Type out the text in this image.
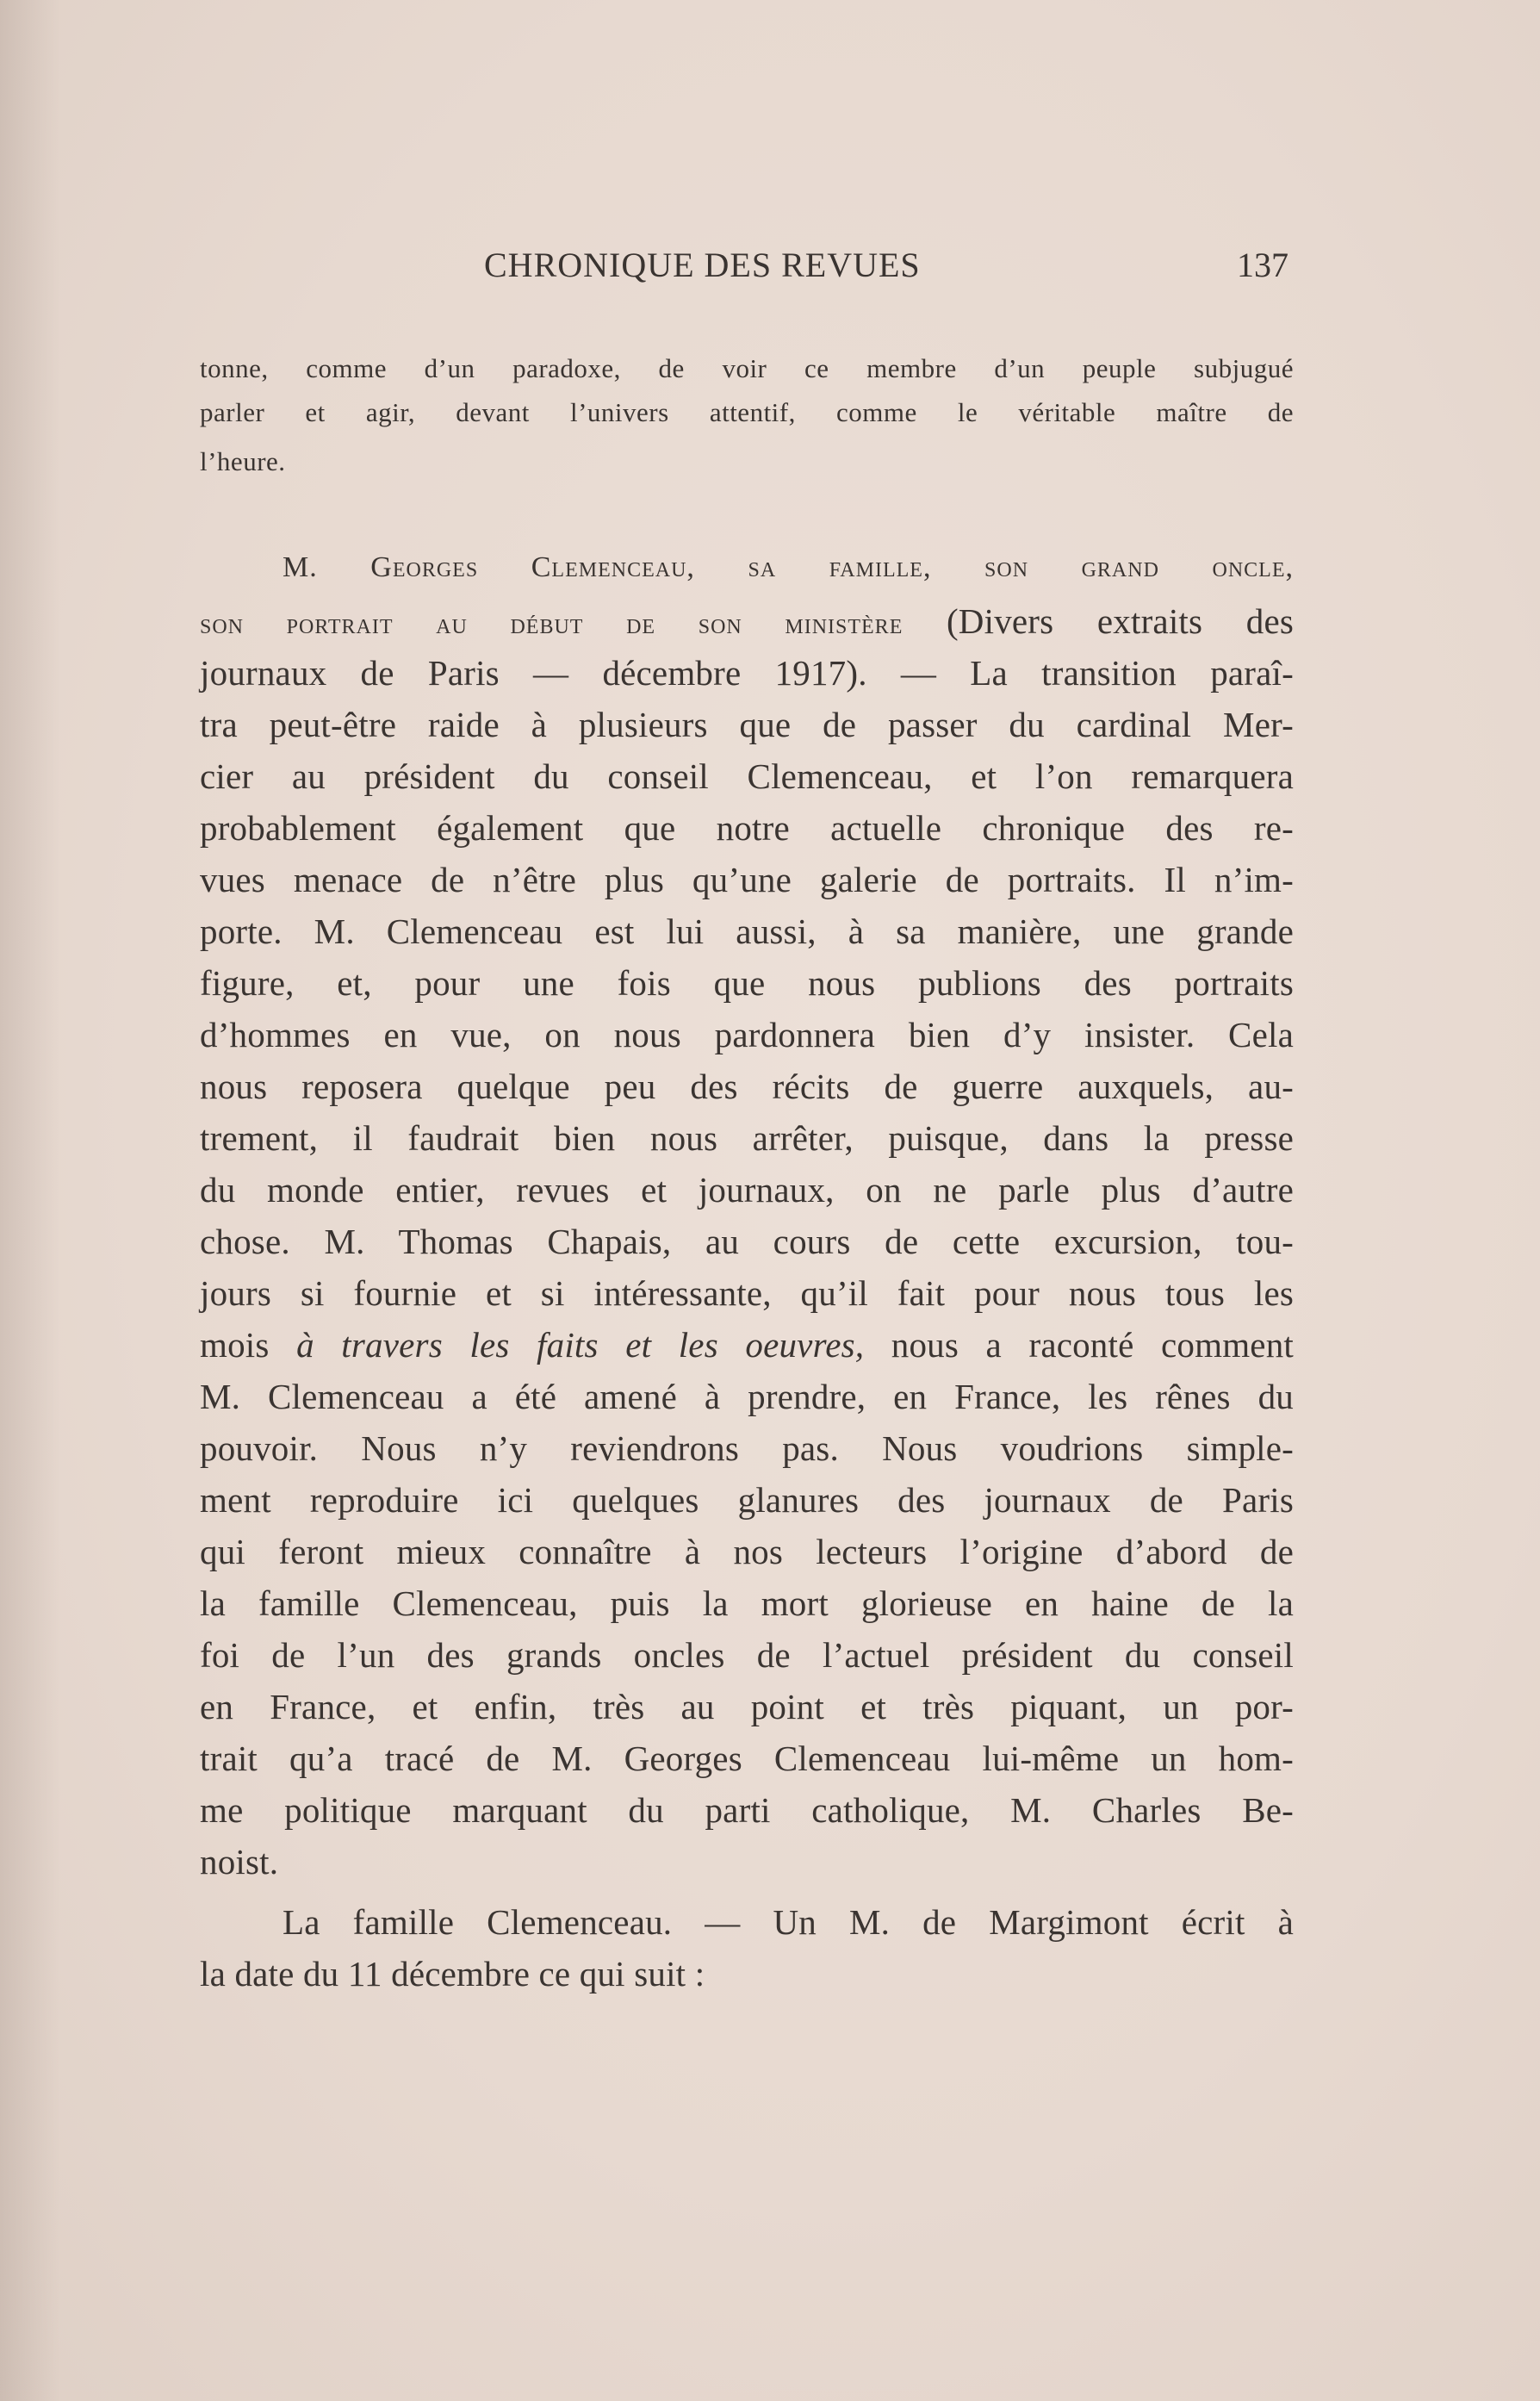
CHRONIQUE DES REVUES	137
tonne, comme d’un paradoxe, de voir ce membre d’un peuple subjugué
parler et agir, devant l’univers attentif, comme le véritable maître de
l’heure.
M. Georges Clemenceau, sa famille, son grand oncle,
son portrait au début de son ministère (Divers extraits des
journaux de Paris — décembre 1917). — La transition paraî-
tra peut-être raide à plusieurs que de passer du cardinal Mer-
cier au président du conseil Clemenceau, et l’on remarquera
probablement également que notre actuelle chronique des re-
vues menace de n’être plus qu’une galerie de portraits. Il n’im-
porte. M. Clemenceau est lui aussi, à sa manière, une grande
figure, et, pour une fois que nous publions des portraits
d’hommes en vue, on nous pardonnera bien d’y insister. Cela
nous reposera quelque peu des récits de guerre auxquels, au-
trement, il faudrait bien nous arrêter, puisque, dans la presse
du monde entier, revues et journaux, on ne parle plus d’autre
chose. M. Thomas Chapais, au cours de cette excursion, tou-
jours si fournie et si intéressante, qu’il fait pour nous tous les
mois à travers les faits et les oeuvres, nous a raconté comment
M. Clemenceau a été amené à prendre, en France, les rênes du
pouvoir. Nous n’y reviendrons pas. Nous voudrions simple-
ment reproduire ici quelques glanures des journaux de Paris
qui feront mieux connaître à nos lecteurs l’origine d’abord de
la famille Clemenceau, puis la mort glorieuse en haine de la
foi de l’un des grands oncles de l’actuel président du conseil
en France, et enfin, très au point et très piquant, un por-
trait qu’a tracé de M. Georges Clemenceau lui-même un hom-
me politique marquant du parti catholique, M. Charles Be-
noist.
La famille Clemenceau. — Un M. de Margimont écrit à
la date du 11 décembre ce qui suit :
